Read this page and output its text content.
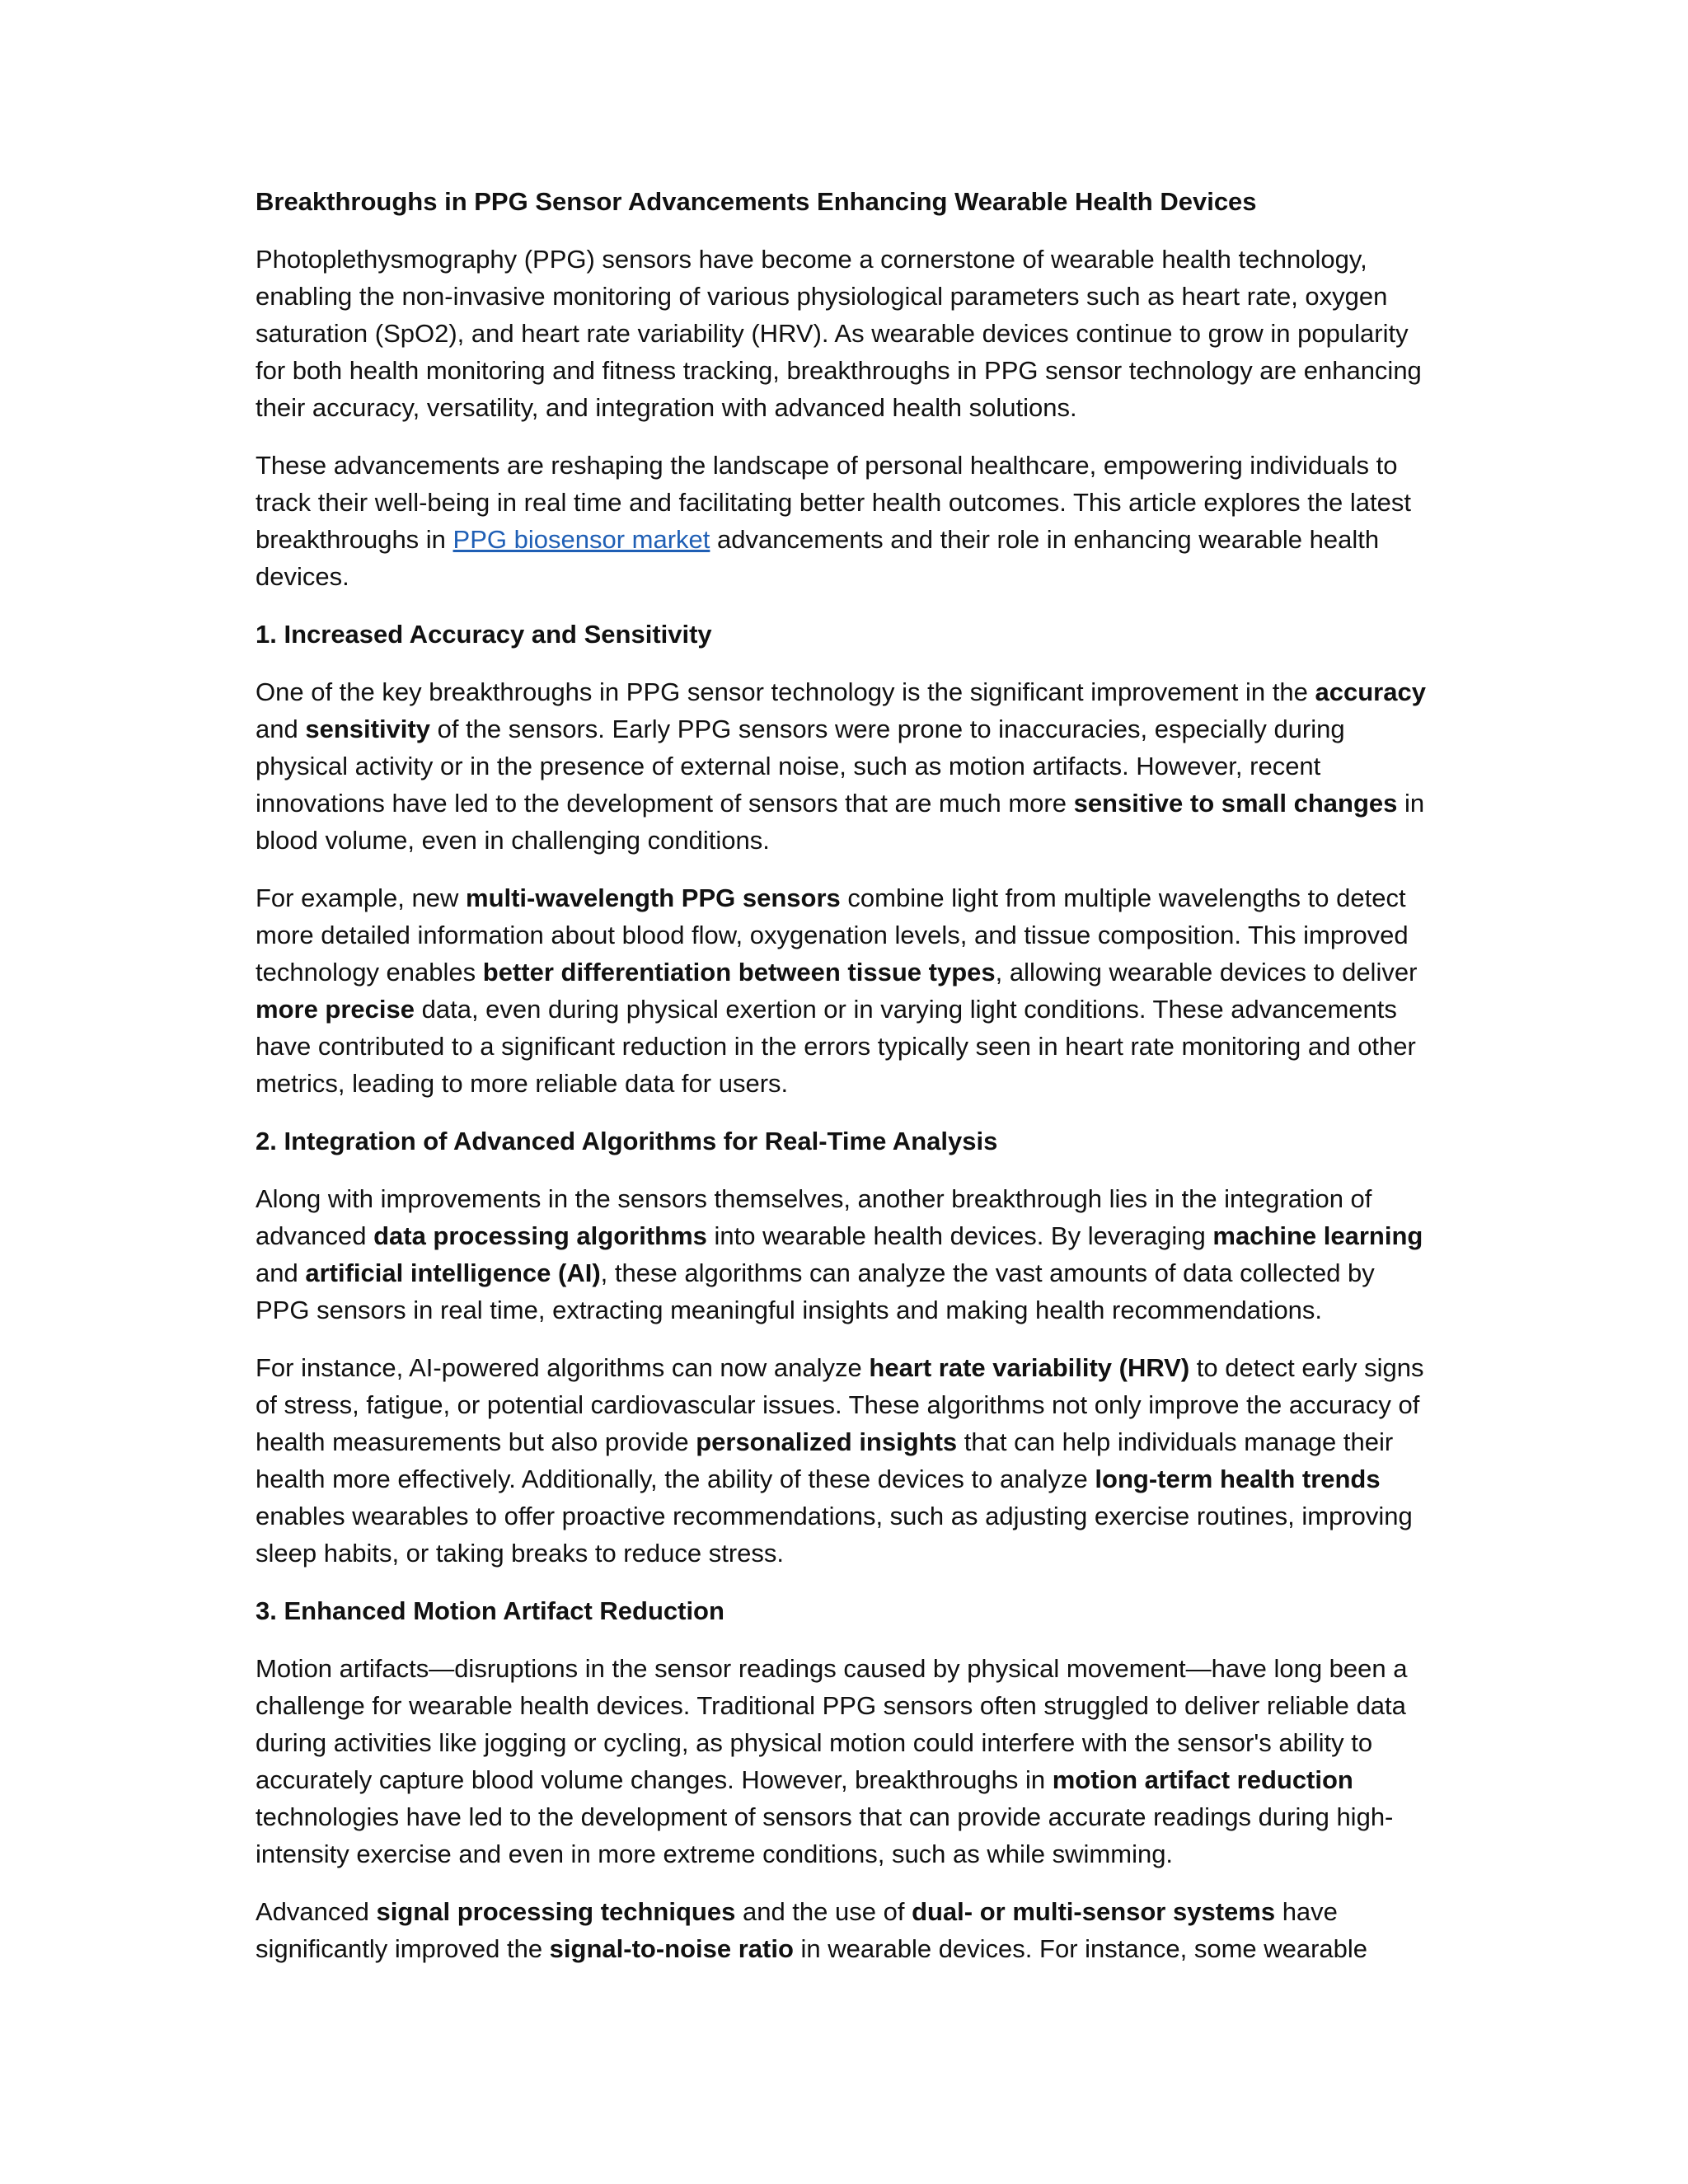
Breakthroughs in PPG Sensor Advancements Enhancing Wearable Health Devices

Photoplethysmography (PPG) sensors have become a cornerstone of wearable health technology, enabling the non-invasive monitoring of various physiological parameters such as heart rate, oxygen saturation (SpO2), and heart rate variability (HRV). As wearable devices continue to grow in popularity for both health monitoring and fitness tracking, breakthroughs in PPG sensor technology are enhancing their accuracy, versatility, and integration with advanced health solutions.

These advancements are reshaping the landscape of personal healthcare, empowering individuals to track their well-being in real time and facilitating better health outcomes. This article explores the latest breakthroughs in PPG biosensor market advancements and their role in enhancing wearable health devices.

1. Increased Accuracy and Sensitivity

One of the key breakthroughs in PPG sensor technology is the significant improvement in the accuracy and sensitivity of the sensors. Early PPG sensors were prone to inaccuracies, especially during physical activity or in the presence of external noise, such as motion artifacts. However, recent innovations have led to the development of sensors that are much more sensitive to small changes in blood volume, even in challenging conditions.

For example, new multi-wavelength PPG sensors combine light from multiple wavelengths to detect more detailed information about blood flow, oxygenation levels, and tissue composition. This improved technology enables better differentiation between tissue types, allowing wearable devices to deliver more precise data, even during physical exertion or in varying light conditions. These advancements have contributed to a significant reduction in the errors typically seen in heart rate monitoring and other metrics, leading to more reliable data for users.

2. Integration of Advanced Algorithms for Real-Time Analysis

Along with improvements in the sensors themselves, another breakthrough lies in the integration of advanced data processing algorithms into wearable health devices. By leveraging machine learning and artificial intelligence (AI), these algorithms can analyze the vast amounts of data collected by PPG sensors in real time, extracting meaningful insights and making health recommendations.

For instance, AI-powered algorithms can now analyze heart rate variability (HRV) to detect early signs of stress, fatigue, or potential cardiovascular issues. These algorithms not only improve the accuracy of health measurements but also provide personalized insights that can help individuals manage their health more effectively. Additionally, the ability of these devices to analyze long-term health trends enables wearables to offer proactive recommendations, such as adjusting exercise routines, improving sleep habits, or taking breaks to reduce stress.

3. Enhanced Motion Artifact Reduction

Motion artifacts—disruptions in the sensor readings caused by physical movement—have long been a challenge for wearable health devices. Traditional PPG sensors often struggled to deliver reliable data during activities like jogging or cycling, as physical motion could interfere with the sensor's ability to accurately capture blood volume changes. However, breakthroughs in motion artifact reduction technologies have led to the development of sensors that can provide accurate readings during high-intensity exercise and even in more extreme conditions, such as while swimming.

Advanced signal processing techniques and the use of dual- or multi-sensor systems have significantly improved the signal-to-noise ratio in wearable devices. For instance, some wearable
